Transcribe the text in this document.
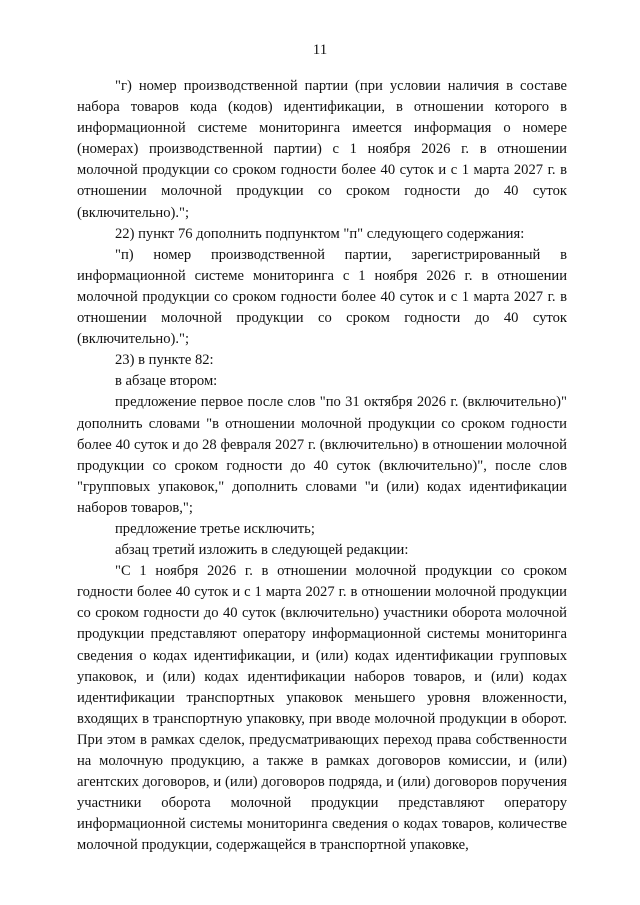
11

"г) номер производственной партии (при условии наличия в составе набора товаров кода (кодов) идентификации, в отношении которого в информационной системе мониторинга имеется информация о номере (номерах) производственной партии) с 1 ноября 2026 г. в отношении молочной продукции со сроком годности более 40 суток и с 1 марта 2027 г. в отношении молочной продукции со сроком годности до 40 суток (включительно).";

22) пункт 76 дополнить подпунктом "п" следующего содержания:

"п) номер производственной партии, зарегистрированный в информационной системе мониторинга с 1 ноября 2026 г. в отношении молочной продукции со сроком годности более 40 суток и с 1 марта 2027 г. в отношении молочной продукции со сроком годности до 40 суток (включительно).";

23) в пункте 82:

в абзаце втором:

предложение первое после слов "по 31 октября 2026 г. (включительно)" дополнить словами "в отношении молочной продукции со сроком годности более 40 суток и до 28 февраля 2027 г. (включительно) в отношении молочной продукции со сроком годности до 40 суток (включительно)", после слов "групповых упаковок," дополнить словами "и (или) кодах идентификации наборов товаров,";

предложение третье исключить;

абзац третий изложить в следующей редакции:

"С 1 ноября 2026 г. в отношении молочной продукции со сроком годности более 40 суток и с 1 марта 2027 г. в отношении молочной продукции со сроком годности до 40 суток (включительно) участники оборота молочной продукции представляют оператору информационной системы мониторинга сведения о кодах идентификации, и (или) кодах идентификации групповых упаковок, и (или) кодах идентификации наборов товаров, и (или) кодах идентификации транспортных упаковок меньшего уровня вложенности, входящих в транспортную упаковку, при вводе молочной продукции в оборот. При этом в рамках сделок, предусматривающих переход права собственности на молочную продукцию, а также в рамках договоров комиссии, и (или) агентских договоров, и (или) договоров подряда, и (или) договоров поручения участники оборота молочной продукции представляют оператору информационной системы мониторинга сведения о кодах товаров, количестве молочной продукции, содержащейся в транспортной упаковке,
